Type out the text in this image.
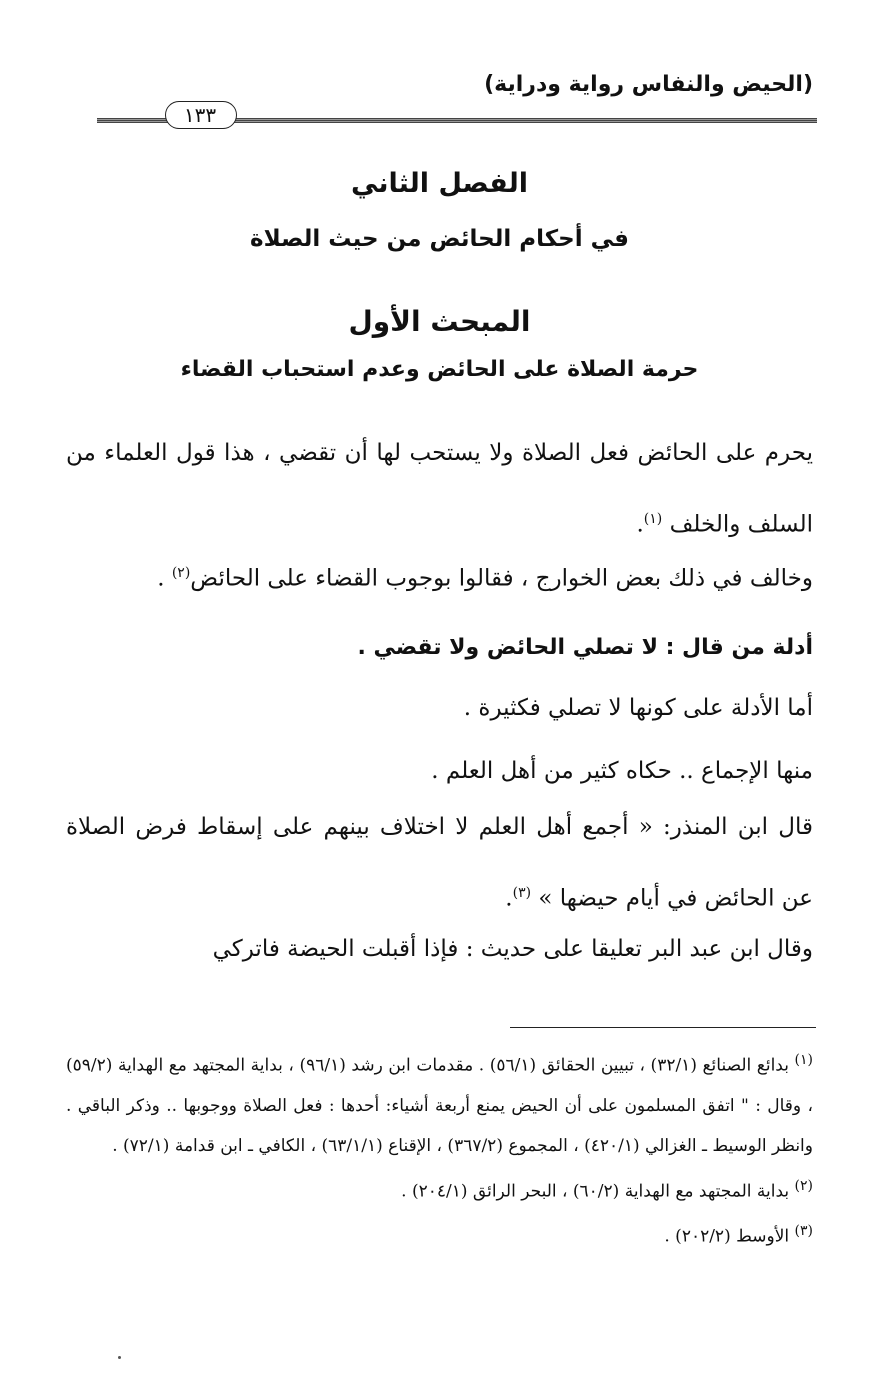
(الحيض والنفاس رواية ودراية)
١٣٣
الفصل الثاني
في أحكام الحائض من حيث الصلاة
المبحث الأول
حرمة الصلاة على الحائض وعدم استحباب القضاء
يحرم على الحائض فعل الصلاة ولا يستحب لها أن تقضي ، هذا قول العلماء من السلف والخلف $^{(١)}$.
وخالف في ذلك بعض الخوارج ، فقالوا بوجوب القضاء على الحائض$^{(٢)}$ .
أدلة من قال : لا تصلي الحائض ولا تقضي .
أما الأدلة على كونها لا تصلي فكثيرة .
منها الإجماع .. حكاه كثير من أهل العلم .
قال ابن المنذر: « أجمع أهل العلم لا اختلاف بينهم على إسقاط فرض الصلاة عن الحائض في أيام حيضها » $^{(٣)}$.
وقال ابن عبد البر تعليقا على حديث : فإذا أقبلت الحيضة فاتركي
$^{(١)}$ بدائع الصنائع (٣٢/١) ، تبيين الحقائق (٥٦/١) . مقدمات ابن رشد (٩٦/١) ، بداية المجتهد مع الهداية (٥٩/٢) ، وقال : " اتفق المسلمون على أن الحيض يمنع أربعة أشياء: أحدها : فعل الصلاة ووجوبها .. وذكر الباقي . وانظر الوسيط ـ الغزالي (٤٢٠/١) ، المجموع (٣٦٧/٢) ، الإقناع (٦٣/١/١) ، الكافي ـ ابن قدامة (٧٢/١) .
$^{(٢)}$ بداية المجتهد مع الهداية (٦٠/٢) ، البحر الرائق (٢٠٤/١) .
$^{(٣)}$ الأوسط (٢٠٢/٢) .
